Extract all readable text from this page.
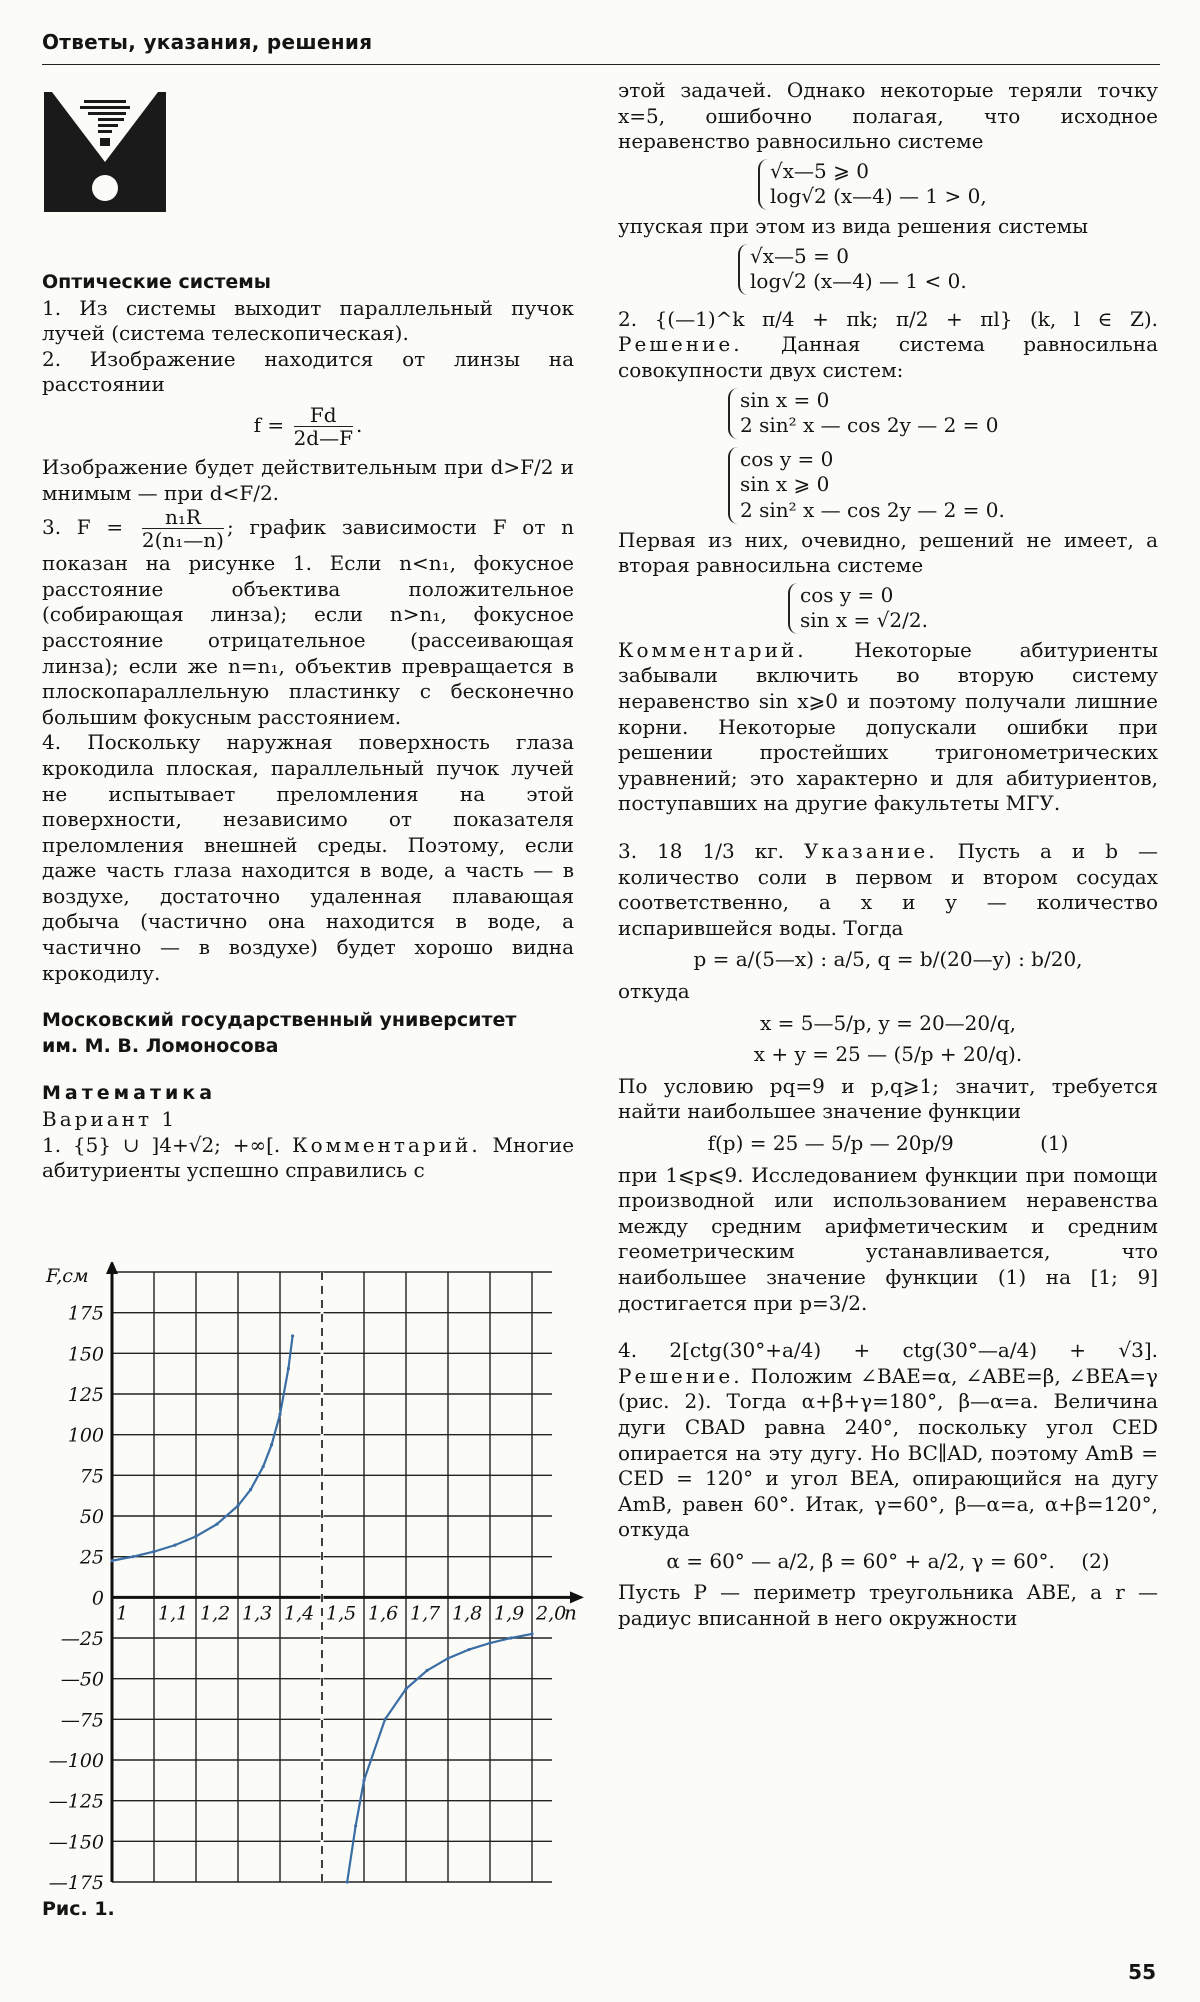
Ответы, указания, решения

Оптические системы

1. Из системы выходит параллельный пучок лучей (система телескопическая).

2. Изображение находится от линзы на расстоянии

$f = \frac{Fd}{2d—F}$ .

Изображение будет действительным при d>F/2 и мнимым — при d<F/2.

3. $F = \frac{\text{n₁R}}{\text{2(n₁—n)}}$ ; график зависимости F от n показан на рисунке 1. Если n<n₁, фокусное расстояние объектива положительное (собирающая линза); если n>n₁, фокусное расстояние отрицательное (рассеивающая линза); если же n=n₁, объектив превращается в плоскопараллельную пластинку с бесконечно большим фокусным расстоянием.

4. Поскольку наружная поверхность глаза крокодила плоская, параллельный пучок лучей не испытывает преломления на этой поверхности, независимо от показателя преломления внешней среды. Поэтому, если даже часть глаза находится в воде, а часть — в воздухе, достаточно удаленная плавающая добыча (частично она находится в воде, а частично — в воздухе) будет хорошо видна крокодилу.

Московский государственный университет

им. М. В. Ломоносова

Математика

Вариант 1

1. {5} ∪ ]4+√2; +∞[. Комментарий. Многие абитуриенты успешно справились с

175
150
125
100
75
50
25
0
—25
—50
—75
—100
—125
—150
—175
1 1,1 1,2 1,3 1,4 1,5 1,6 1,7 1,8 1,9 2,0
F,см
n
Рис. 1.

этой задачей. Однако некоторые теряли точку x=5, ошибочно полагая, что исходное неравенство равносильно системе

√x—5 ⩾ 0
log√2 (x—4) — 1 > 0,

упуская при этом из вида решения системы

√x—5 = 0
log√2 (x—4) — 1 < 0.

2. {(—1)^k π/4 + πk; π/2 + πl} (k, l ∈ Z). Решение. Данная система равносильна совокупности двух систем:

sin x = 0
2 sin² x — cos 2y — 2 = 0

cos y = 0
sin x ⩾ 0
2 sin² x — cos 2y — 2 = 0.

Первая из них, очевидно, решений не имеет, а вторая равносильна системе

cos y = 0
sin x = √2/2.

Комментарий. Некоторые абитуриенты забывали включить во вторую систему неравенство sin x⩾0 и поэтому получали лишние корни. Некоторые допускали ошибки при решении простейших тригонометрических уравнений; это характерно и для абитуриентов, поступавших на другие факультеты МГУ.

3. 18 1/3 кг. Указание. Пусть a и b — количество соли в первом и втором сосудах соответственно, а x и y — количество испарившейся воды. Тогда

p = a/(5—x) : a/5, q = b/(20—y) : b/20,

откуда

x = 5—5/p, y = 20—20/q,
x + y = 25 — (5/p + 20/q).

По условию pq=9 и p,q⩾1; значит, требуется найти наибольшее значение функции

f(p) = 25 — 5/p — 20p/9	(1)

при 1⩽p⩽9. Исследованием функции при помощи производной или использованием неравенства между средним арифметическим и средним геометрическим устанавливается, что наибольшее значение функции (1) на [1; 9] достигается при p=3/2.

4. 2[ctg(30°+a/4) + ctg(30°—a/4) + √3]. Решение. Положим ∠BAE=α, ∠ABE=β, ∠BEA=γ (рис. 2). Тогда α+β+γ=180°, β—α=a. Величина дуги CBAD равна 240°, поскольку угол CED опирается на эту дугу. Но BC∥AD, поэтому AmB = CED = 120° и угол BEA, опирающийся на дугу AmB, равен 60°. Итак, γ=60°, β—α=a, α+β=120°, откуда

α = 60° — a/2, β = 60° + a/2, γ = 60°. (2)

Пусть P — периметр треугольника ABE, а r — радиус вписанной в него окружности

55
